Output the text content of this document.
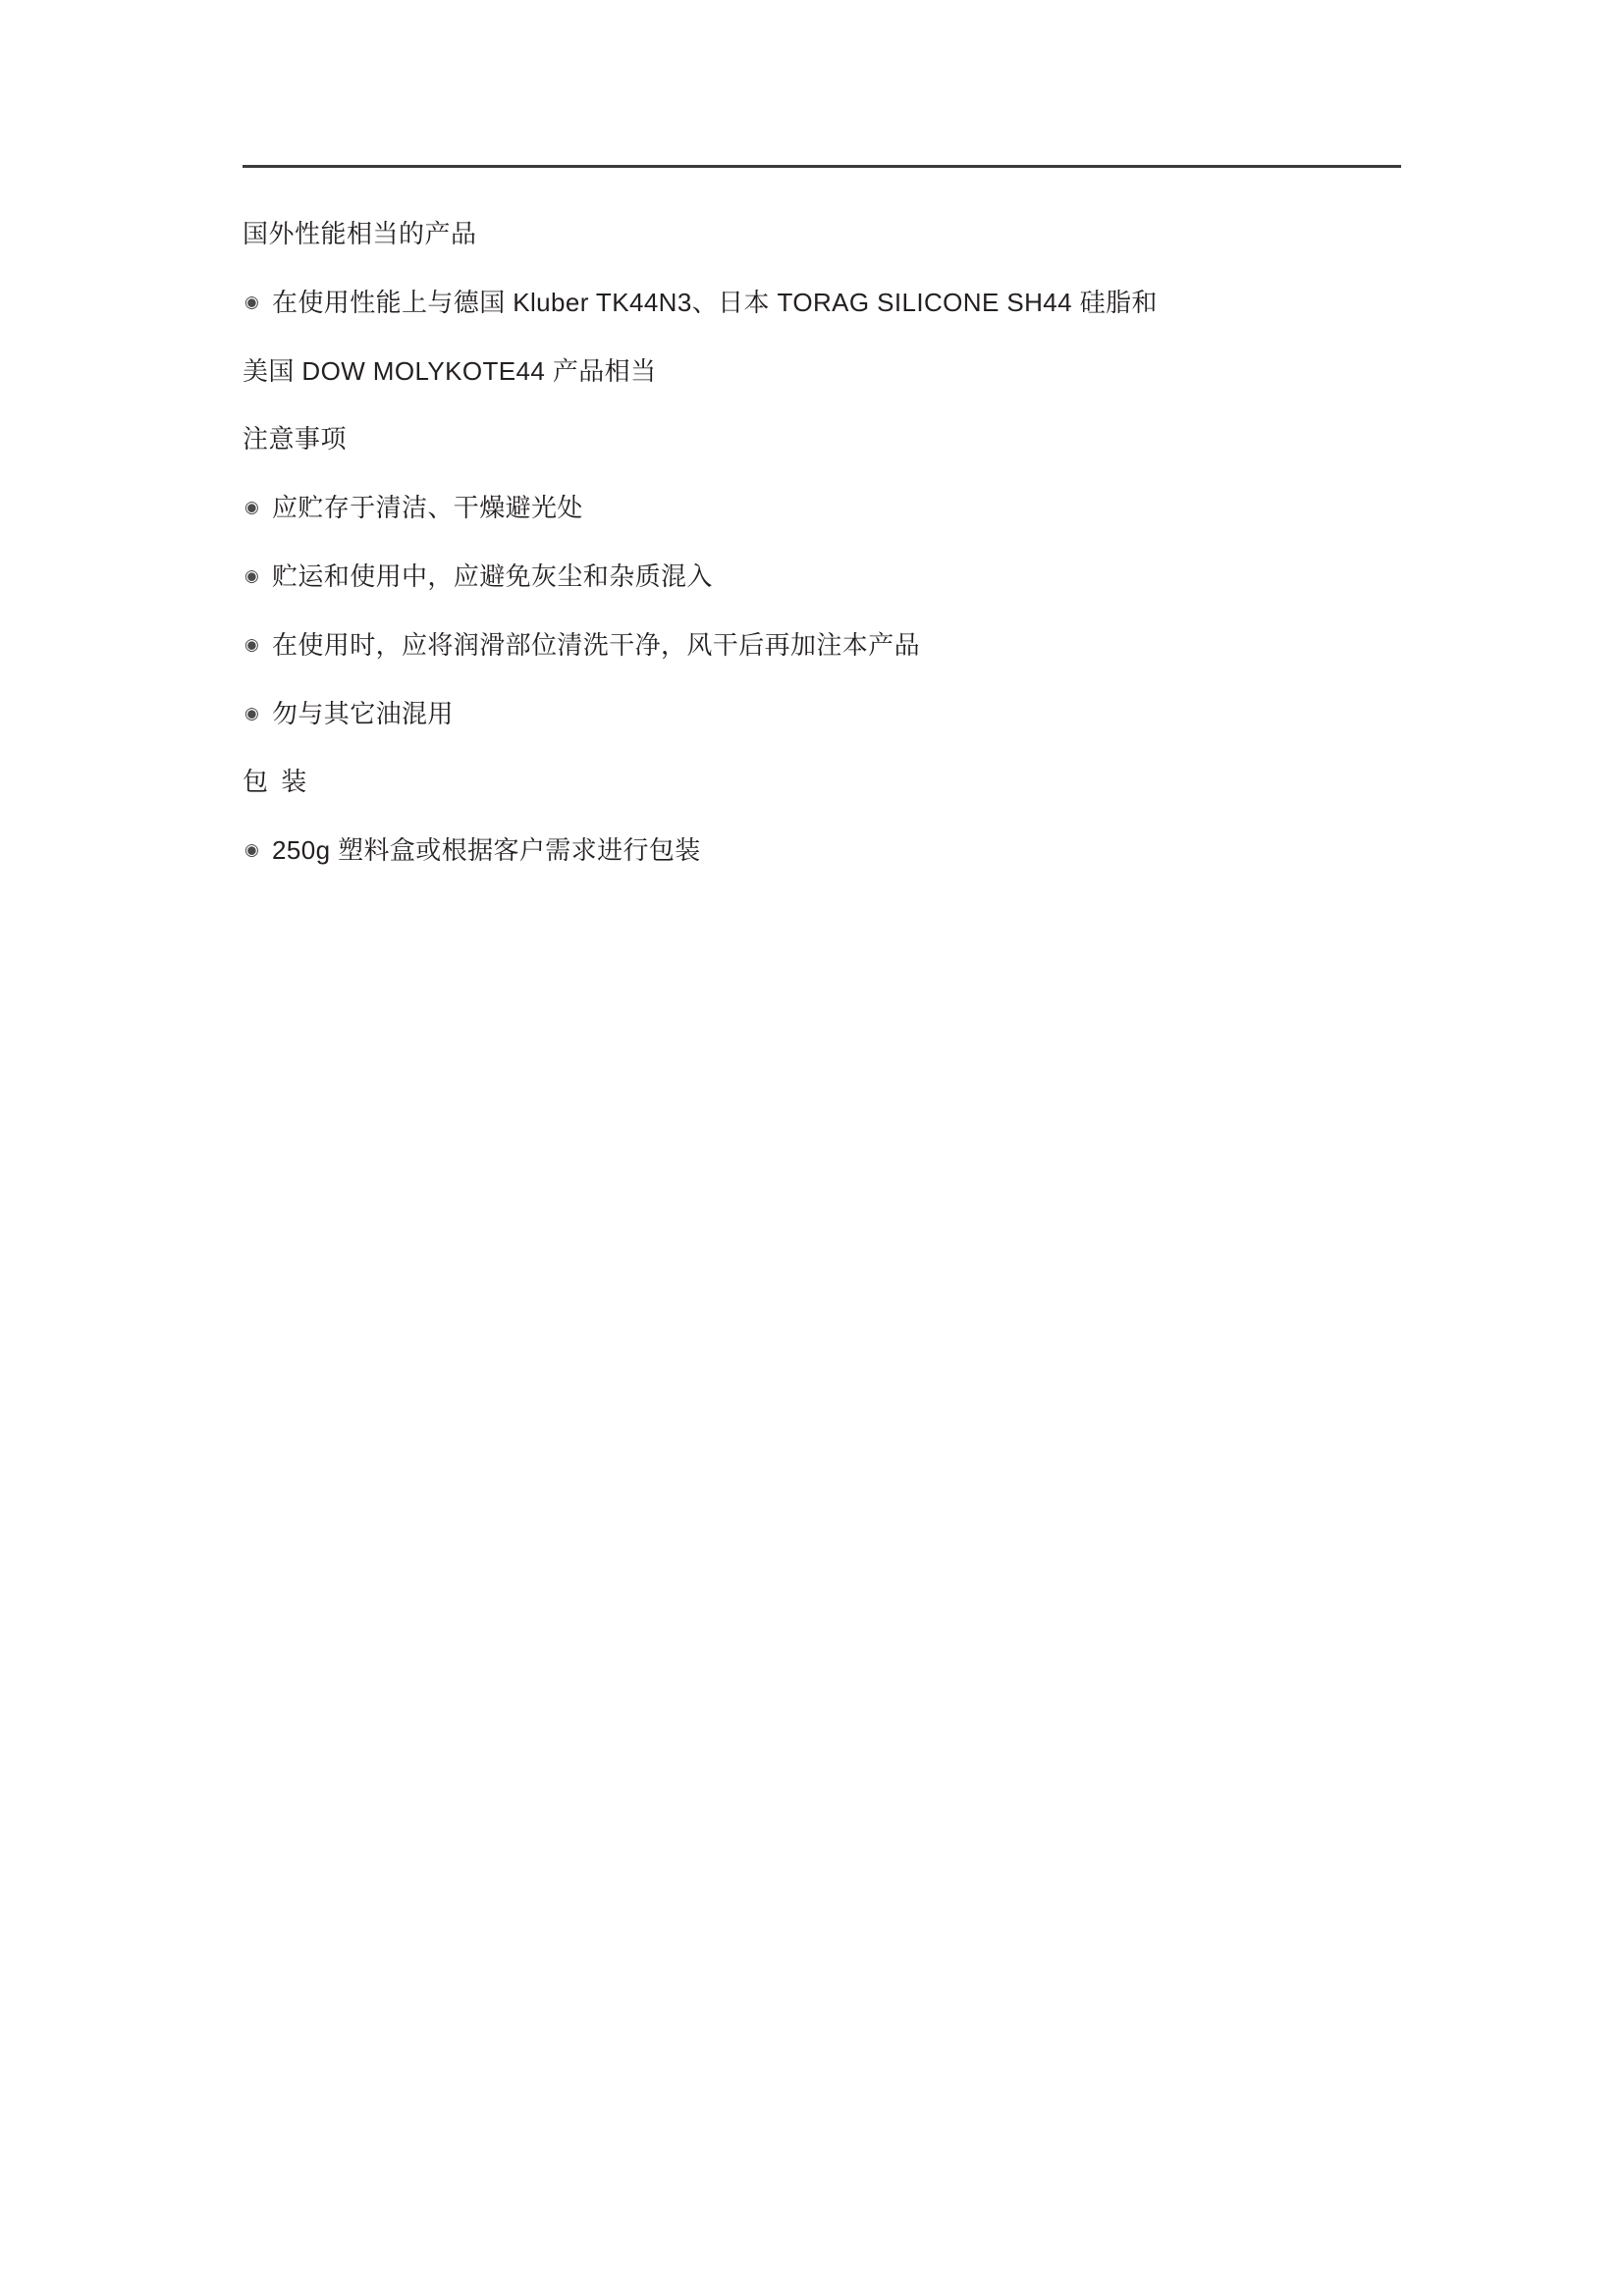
国外性能相当的产品
◉ 在使用性能上与德国 Kluber TK44N3、日本 TORAG SILICONE SH44 硅脂和
美国 DOW MOLYKOTE44 产品相当
注意事项
◉ 应贮存于清洁、干燥避光处
◉ 贮运和使用中，应避免灰尘和杂质混入
◉ 在使用时，应将润滑部位清洗干净，风干后再加注本产品
◉ 勿与其它油混用
包 装
◉ 250g 塑料盒或根据客户需求进行包装
